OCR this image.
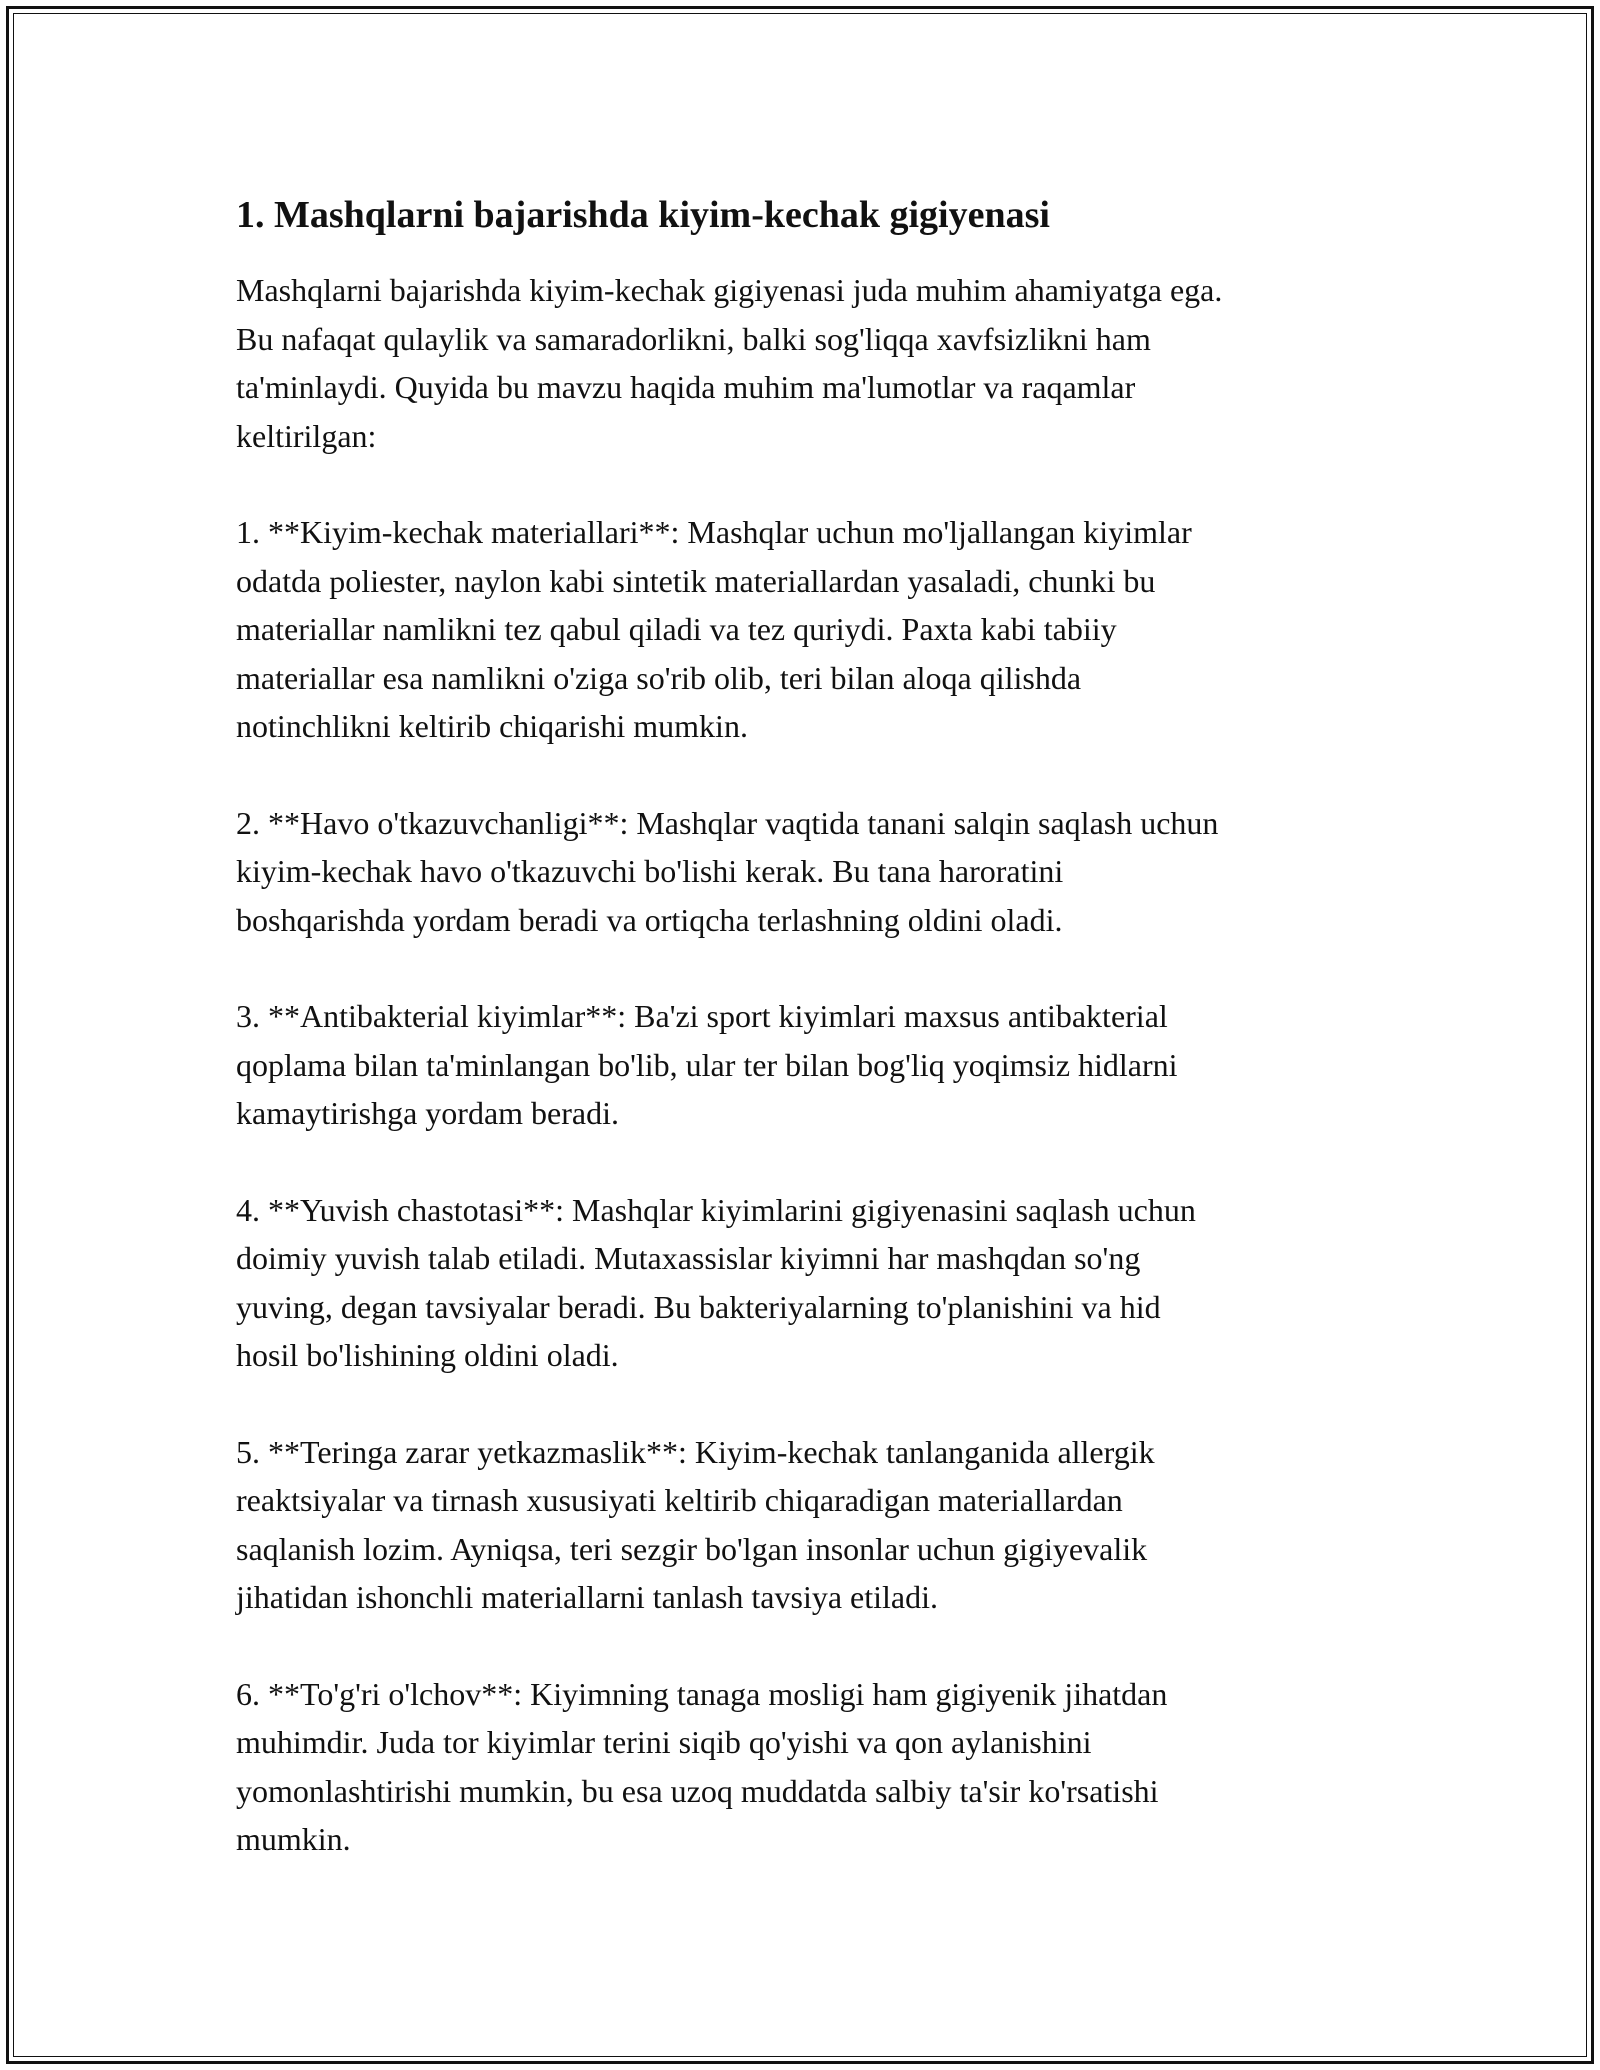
1. Mashqlarni bajarishda kiyim-kechak gigiyenasi

Mashqlarni bajarishda kiyim-kechak gigiyenasi juda muhim ahamiyatga ega.
Bu nafaqat qulaylik va samaradorlikni, balki sog'liqqa xavfsizlikni ham
ta'minlaydi. Quyida bu mavzu haqida muhim ma'lumotlar va raqamlar
keltirilgan:

1. **Kiyim-kechak materiallari**: Mashqlar uchun mo'ljallangan kiyimlar
odatda poliester, naylon kabi sintetik materiallardan yasaladi, chunki bu
materiallar namlikni tez qabul qiladi va tez quriydi. Paxta kabi tabiiy
materiallar esa namlikni o'ziga so'rib olib, teri bilan aloqa qilishda
notinchlikni keltirib chiqarishi mumkin.

2. **Havo o'tkazuvchanligi**: Mashqlar vaqtida tanani salqin saqlash uchun
kiyim-kechak havo o'tkazuvchi bo'lishi kerak. Bu tana haroratini
boshqarishda yordam beradi va ortiqcha terlashning oldini oladi.

3. **Antibakterial kiyimlar**: Ba'zi sport kiyimlari maxsus antibakterial
qoplama bilan ta'minlangan bo'lib, ular ter bilan bog'liq yoqimsiz hidlarni
kamaytirishga yordam beradi.

4. **Yuvish chastotasi**: Mashqlar kiyimlarini gigiyenasini saqlash uchun
doimiy yuvish talab etiladi. Mutaxassislar kiyimni har mashqdan so'ng
yuving, degan tavsiyalar beradi. Bu bakteriyalarning to'planishini va hid
hosil bo'lishining oldini oladi.

5. **Teringa zarar yetkazmaslik**: Kiyim-kechak tanlanganida allergik
reaktsiyalar va tirnash xususiyati keltirib chiqaradigan materiallardan
saqlanish lozim. Ayniqsa, teri sezgir bo'lgan insonlar uchun gigiyevalik
jihatidan ishonchli materiallarni tanlash tavsiya etiladi.

6. **To'g'ri o'lchov**: Kiyimning tanaga mosligi ham gigiyenik jihatdan
muhimdir. Juda tor kiyimlar terini siqib qo'yishi va qon aylanishini
yomonlashtirishi mumkin, bu esa uzoq muddatda salbiy ta'sir ko'rsatishi
mumkin.
